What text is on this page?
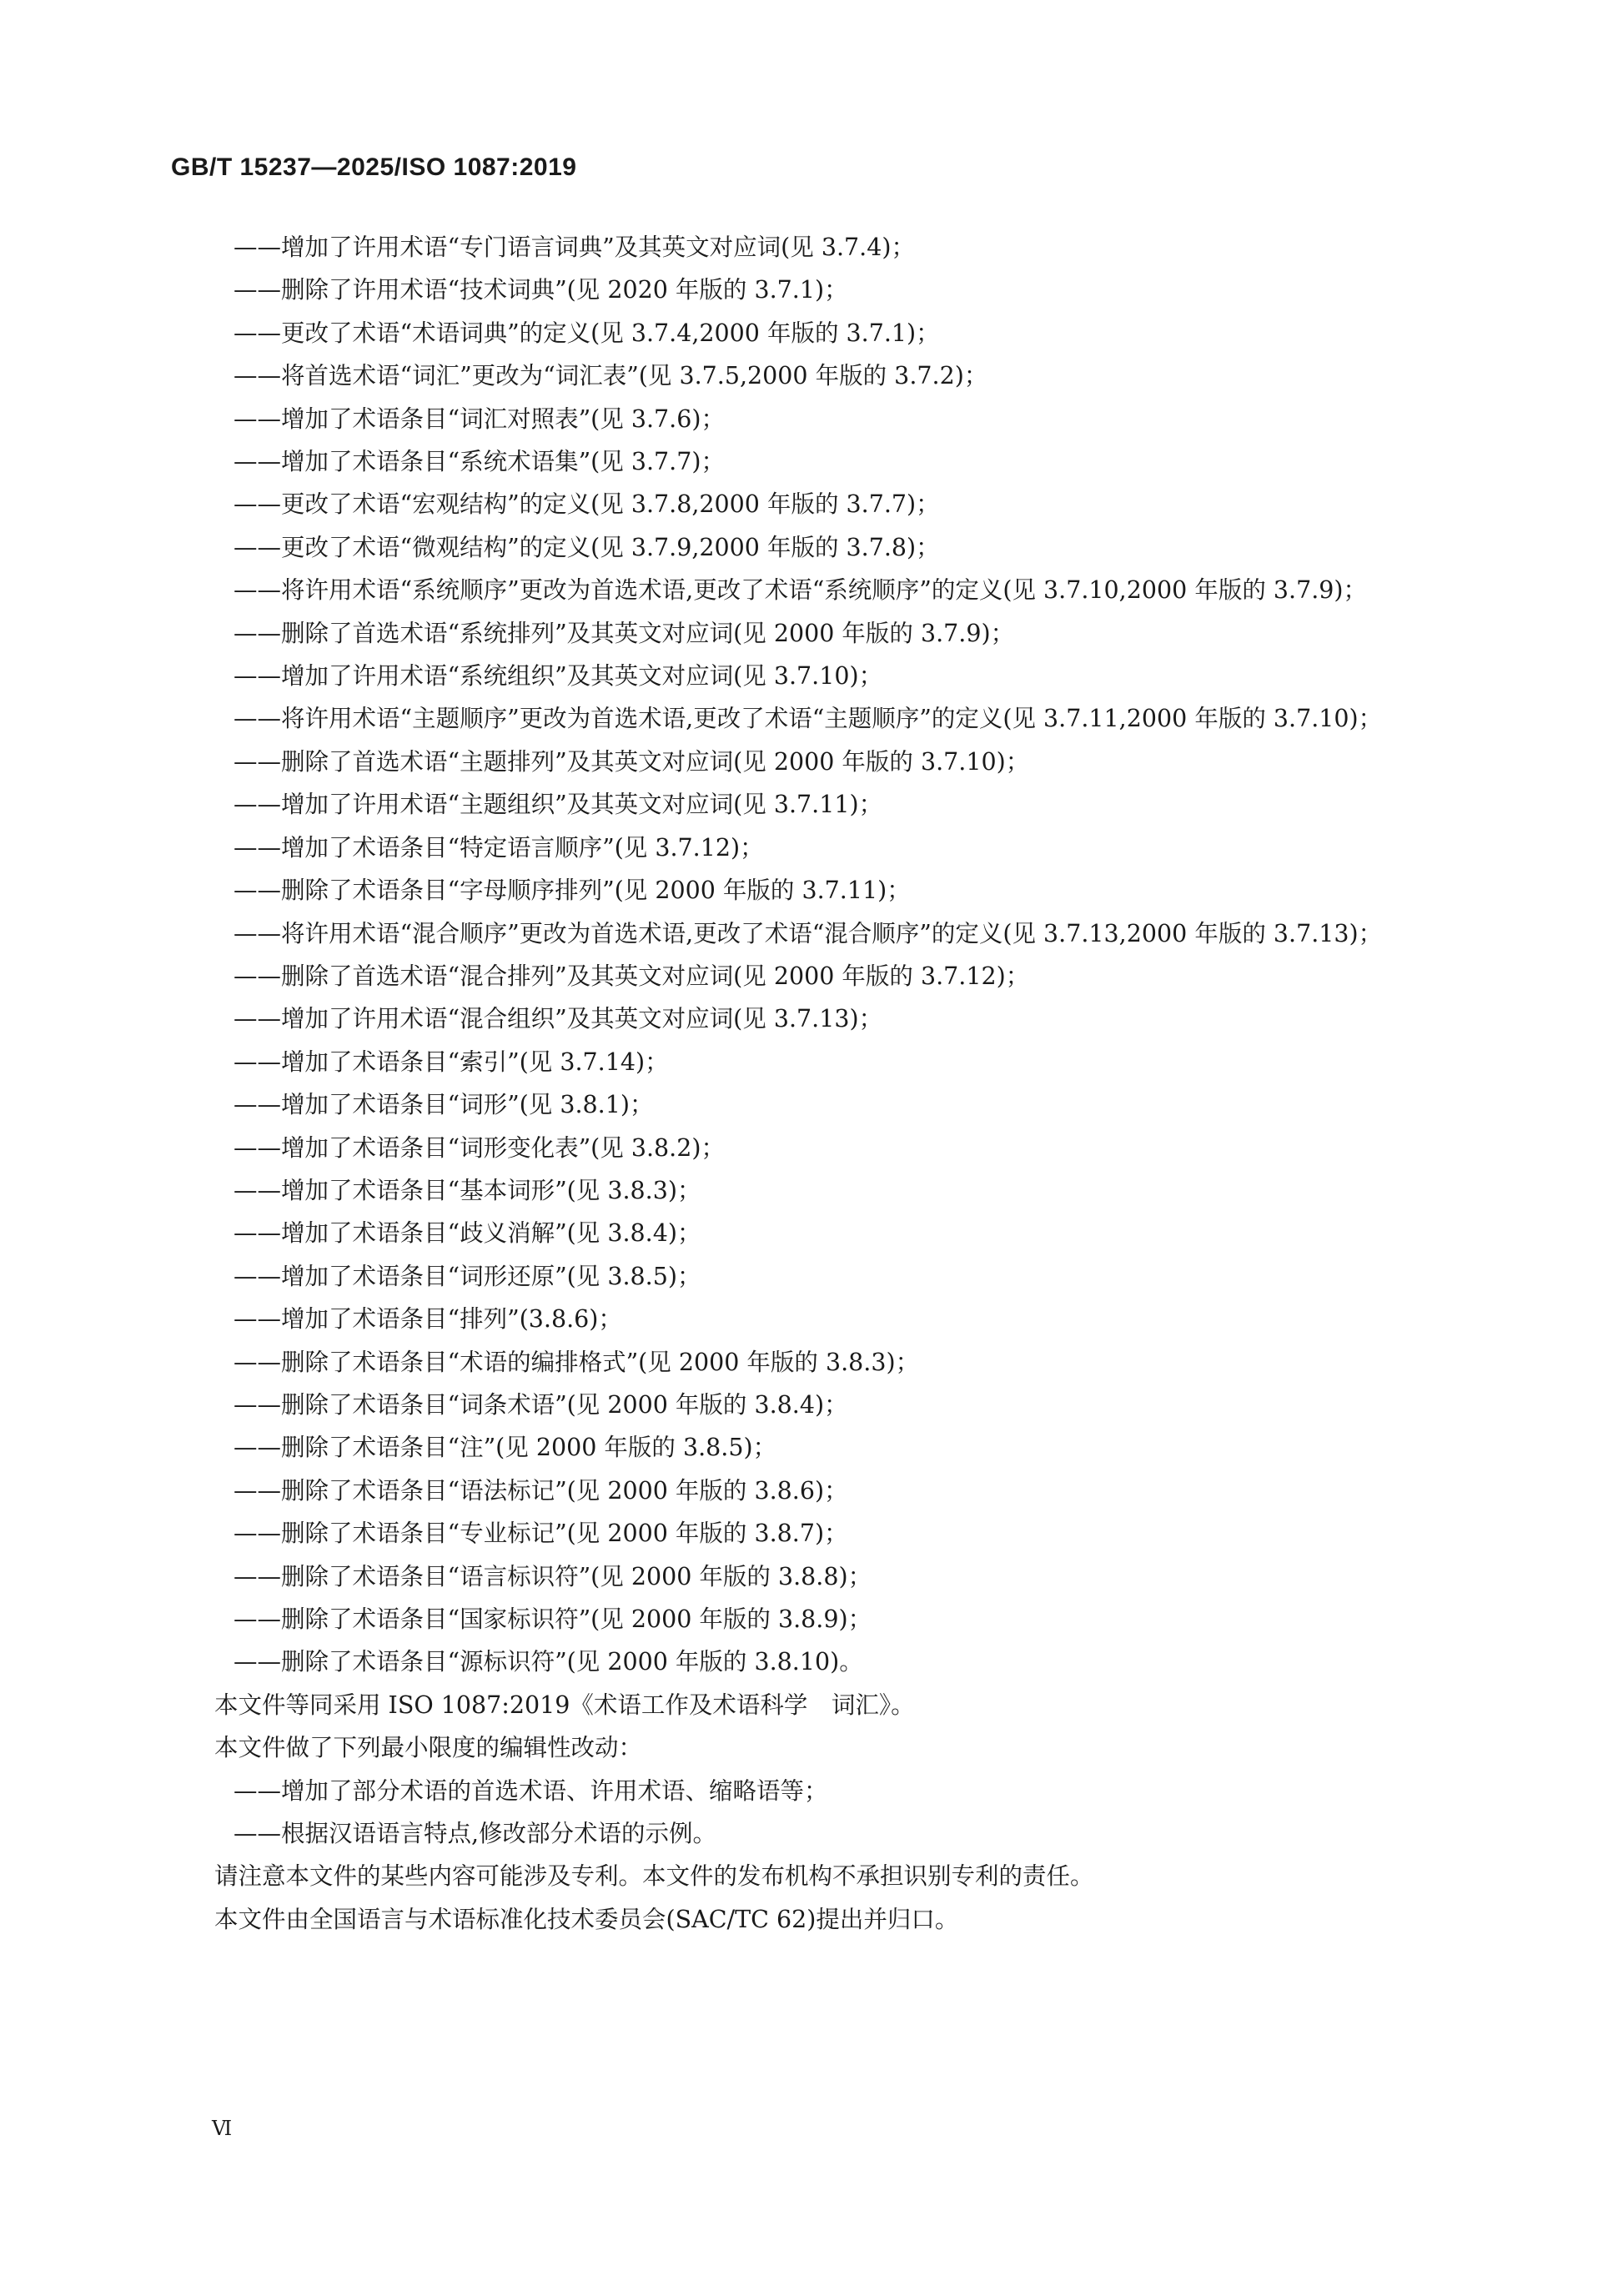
GB/T 15237—2025/ISO 1087:2019

——增加了许用术语“专门语言词典”及其英文对应词(见 3.7.4)；

——删除了许用术语“技术词典”(见 2020 年版的 3.7.1)；

——更改了术语“术语词典”的定义(见 3.7.4,2000 年版的 3.7.1)；

——将首选术语“词汇”更改为“词汇表”(见 3.7.5,2000 年版的 3.7.2)；

——增加了术语条目“词汇对照表”(见 3.7.6)；

——增加了术语条目“系统术语集”(见 3.7.7)；

——更改了术语“宏观结构”的定义(见 3.7.8,2000 年版的 3.7.7)；

——更改了术语“微观结构”的定义(见 3.7.9,2000 年版的 3.7.8)；

——将许用术语“系统顺序”更改为首选术语,更改了术语“系统顺序”的定义(见 3.7.10,2000 年版的 3.7.9)；

——删除了首选术语“系统排列”及其英文对应词(见 2000 年版的 3.7.9)；

——增加了许用术语“系统组织”及其英文对应词(见 3.7.10)；

——将许用术语“主题顺序”更改为首选术语,更改了术语“主题顺序”的定义(见 3.7.11,2000 年版的 3.7.10)；

——删除了首选术语“主题排列”及其英文对应词(见 2000 年版的 3.7.10)；

——增加了许用术语“主题组织”及其英文对应词(见 3.7.11)；

——增加了术语条目“特定语言顺序”(见 3.7.12)；

——删除了术语条目“字母顺序排列”(见 2000 年版的 3.7.11)；

——将许用术语“混合顺序”更改为首选术语,更改了术语“混合顺序”的定义(见 3.7.13,2000 年版的 3.7.13)；

——删除了首选术语“混合排列”及其英文对应词(见 2000 年版的 3.7.12)；

——增加了许用术语“混合组织”及其英文对应词(见 3.7.13)；

——增加了术语条目“索引”(见 3.7.14)；

——增加了术语条目“词形”(见 3.8.1)；

——增加了术语条目“词形变化表”(见 3.8.2)；

——增加了术语条目“基本词形”(见 3.8.3)；

——增加了术语条目“歧义消解”(见 3.8.4)；

——增加了术语条目“词形还原”(见 3.8.5)；

——增加了术语条目“排列”(3.8.6)；

——删除了术语条目“术语的编排格式”(见 2000 年版的 3.8.3)；

——删除了术语条目“词条术语”(见 2000 年版的 3.8.4)；

——删除了术语条目“注”(见 2000 年版的 3.8.5)；

——删除了术语条目“语法标记”(见 2000 年版的 3.8.6)；

——删除了术语条目“专业标记”(见 2000 年版的 3.8.7)；

——删除了术语条目“语言标识符”(见 2000 年版的 3.8.8)；

——删除了术语条目“国家标识符”(见 2000 年版的 3.8.9)；

——删除了术语条目“源标识符”(见 2000 年版的 3.8.10)。

本文件等同采用 ISO 1087:2019《术语工作及术语科学　词汇》。

本文件做了下列最小限度的编辑性改动：

——增加了部分术语的首选术语、许用术语、缩略语等；

——根据汉语语言特点,修改部分术语的示例。

请注意本文件的某些内容可能涉及专利。本文件的发布机构不承担识别专利的责任。

本文件由全国语言与术语标准化技术委员会(SAC/TC 62)提出并归口。

Ⅵ
